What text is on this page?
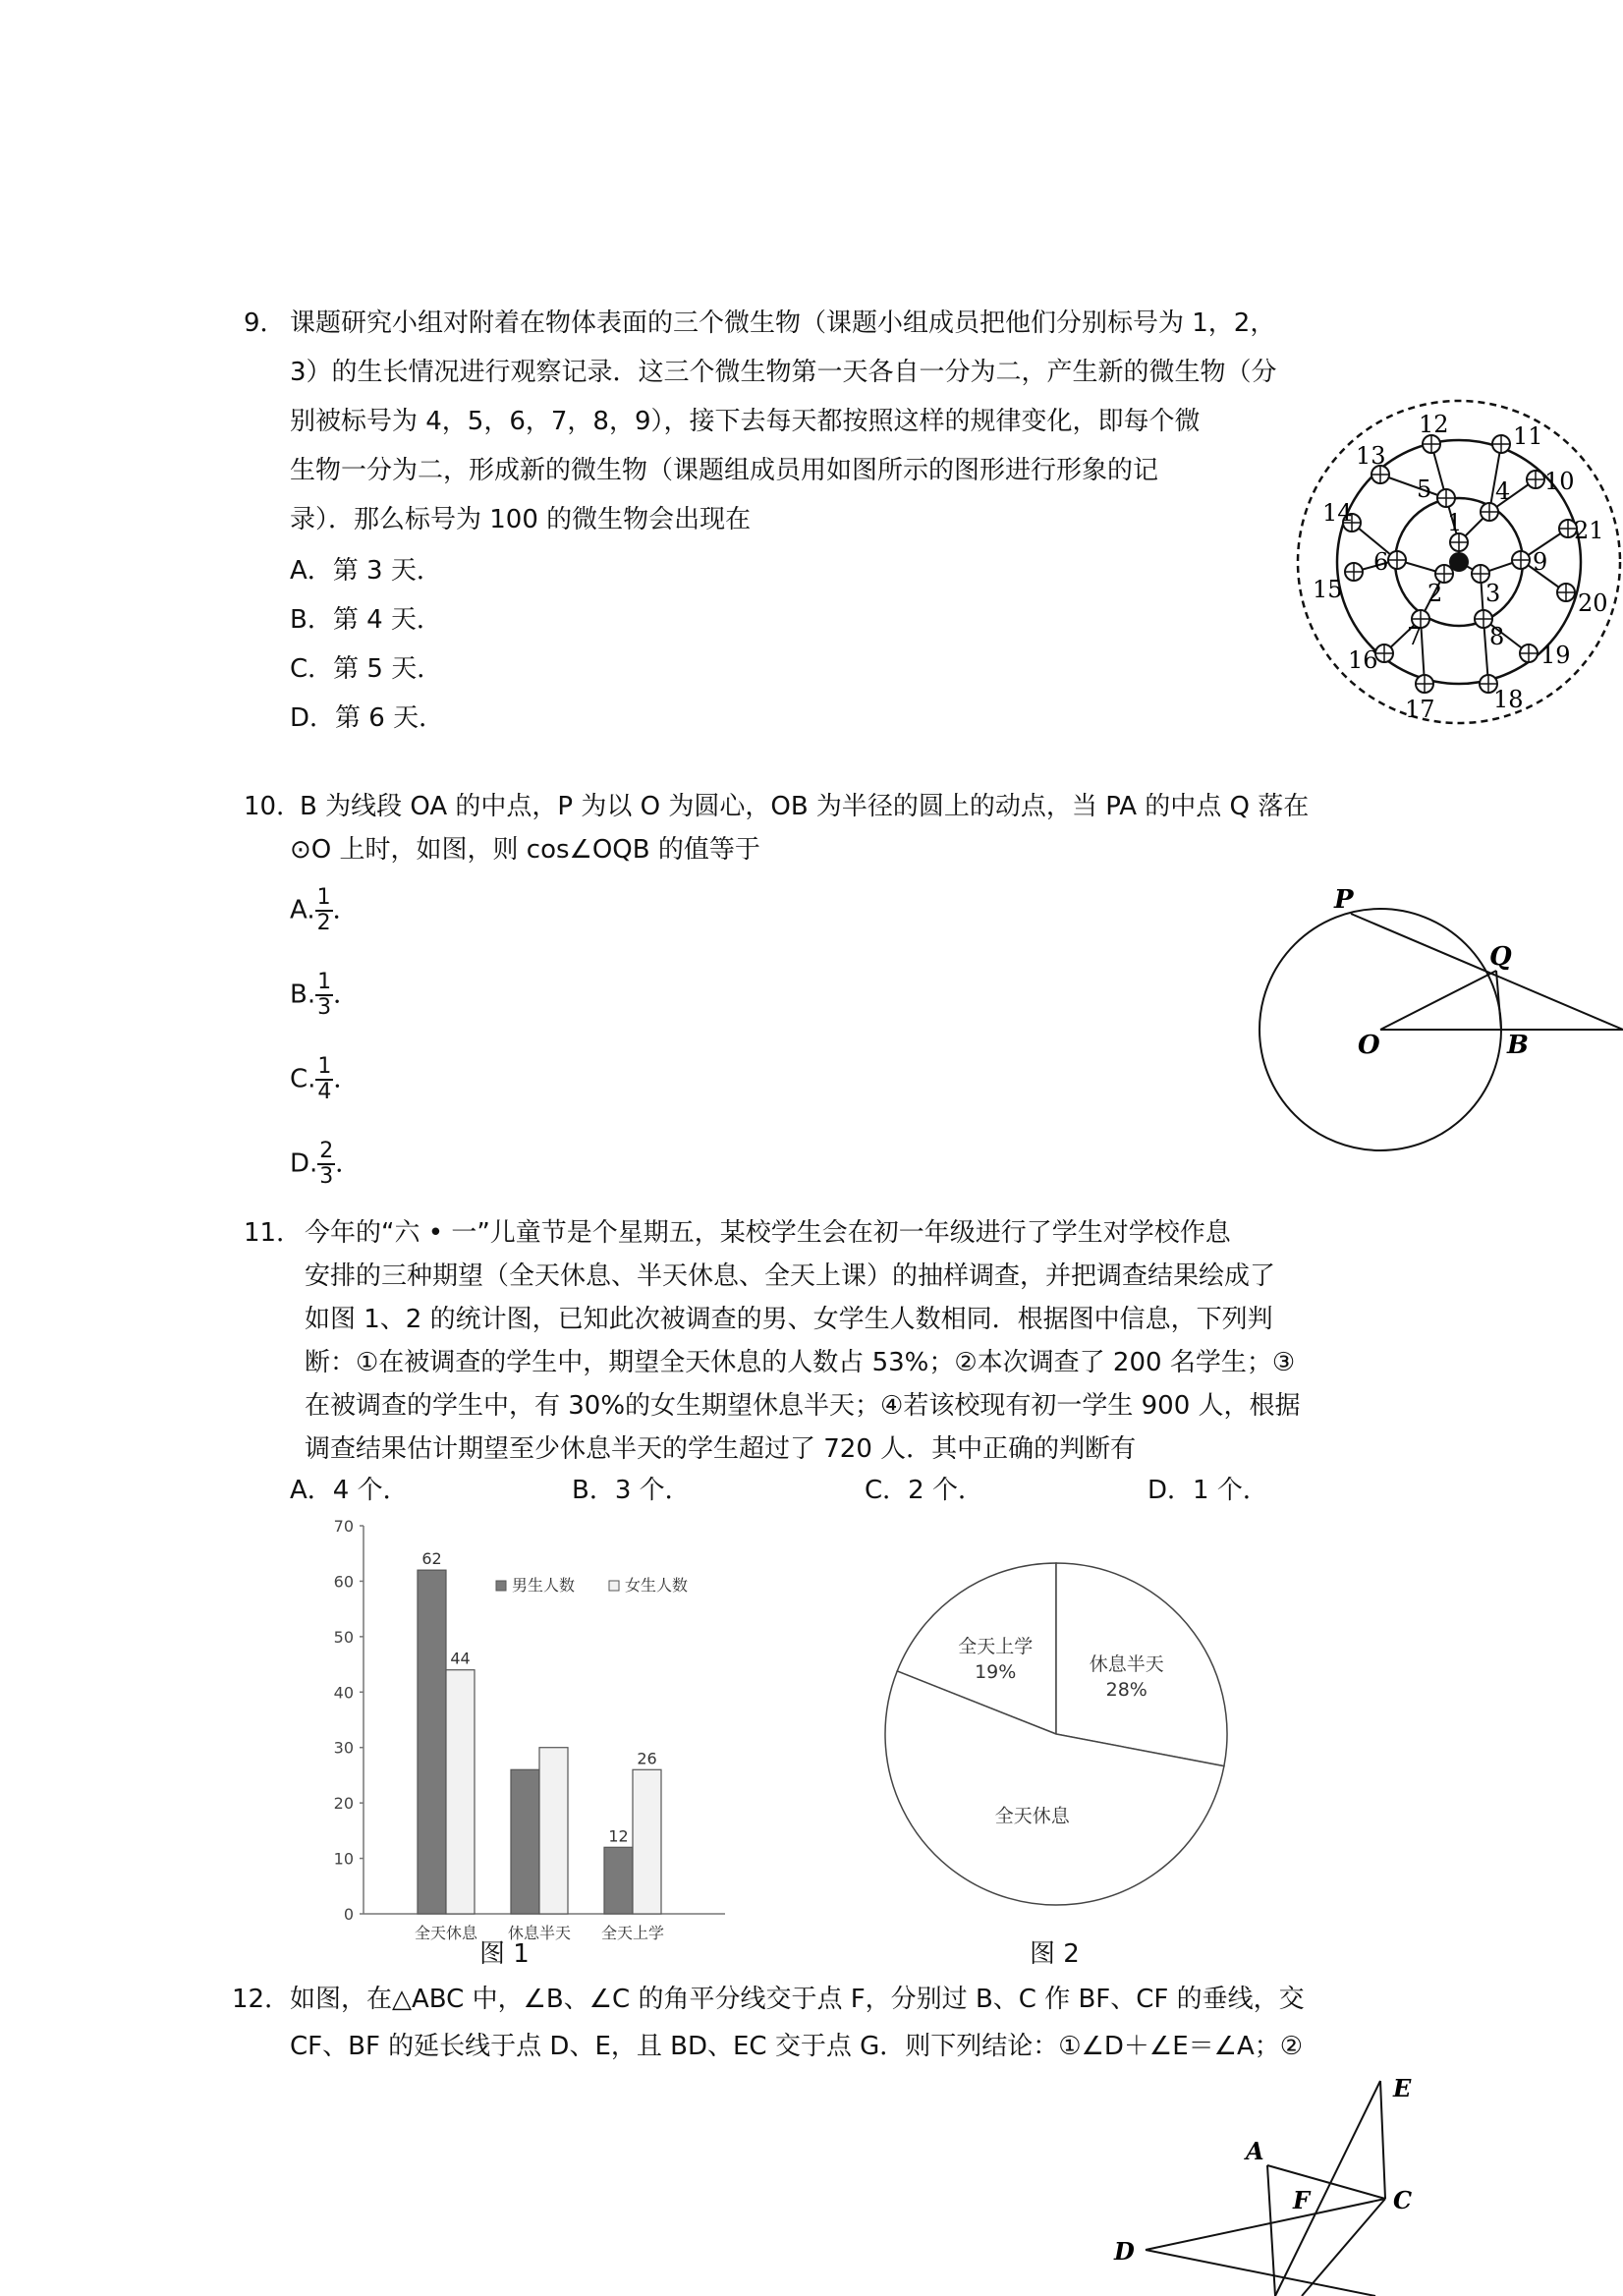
9． 课题研究小组对附着在物体表面的三个微生物（课题小组成员把他们分别标号为 1，2，
3）的生长情况进行观察记录．这三个微生物第一天各自一分为二，产生新的微生物（分
别被标号为 4，5，6，7，8，9），接下去每天都按照这样的规律变化，即每个微
生物一分为二，形成新的微生物（课题组成员用如图所示的图形进行形象的记
录）．那么标号为 100 的微生物会出现在
A．第 3 天．
B．第 4 天．
C．第 5 天．
D．第 6 天．
1
2 3
4
5
6
7	8
9
10
11
12
13
14
15
16
17 18
19
20
21
10．
B 为线段 OA 的中点，P 为以 O 为圆心，OB 为半径的圆上的动点，当 PA 的中点 Q 落在
⊙O 上时，如图，则 cos∠OQB 的值等于
A. $\frac{1}{2}$ ．
B. $\frac{1}{3}$ ．
C. $\frac{1}{4}$ ．
D. $\frac{2}{3}$ ．
P
Q
O	B
11． 今年的“六 • 一”儿童节是个星期五，某校学生会在初一年级进行了学生对学校作息
安排的三种期望（全天休息、半天休息、全天上课）的抽样调查，并把调查结果绘成了
如图 1、2 的统计图，已知此次被调查的男、女学生人数相同．根据图中信息，下列判
断：①在被调查的学生中，期望全天休息的人数占 53%；②本次调查了 200 名学生；③
在被调查的学生中，有 30%的女生期望休息半天；④若该校现有初一学生 900 人，根据
调查结果估计期望至少休息半天的学生超过了 720 人．其中正确的判断有
A．4 个．	B．3 个．	C．2 个．	D．1 个．
0
10
20
30
40
50
60
70
62
44
12
26
全天休息 休息半天 全天上学
男生人数	女生人数
全天上学
19%	休息半天
28%
全天休息
图 1	图 2
12． 如图，在△ABC 中，∠B、∠C 的角平分线交于点 F，分别过 B、C 作 BF、CF 的垂线，交
CF、BF 的延长线于点 D、E，且 BD、EC 交于点 G．则下列结论：①∠D＋∠E＝∠A；②
A
E
F	C
D
